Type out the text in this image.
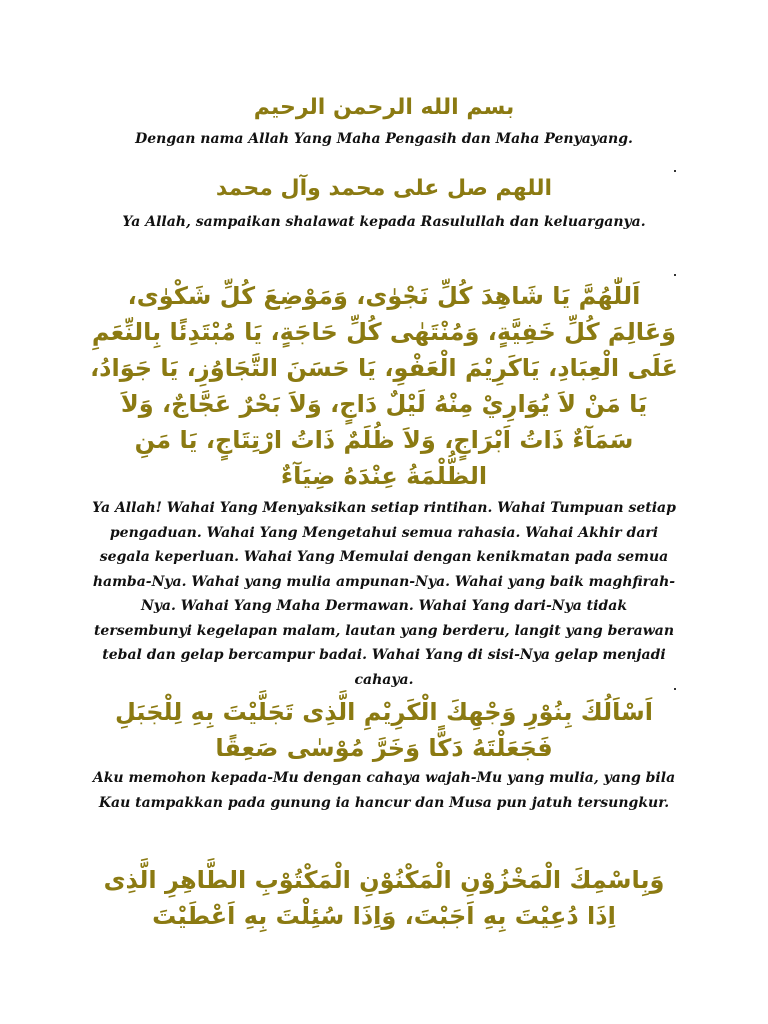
بسم الله الرحمن الرحيم

Dengan nama Allah Yang Maha Pengasih dan Maha Penyayang.

اللهم صل على محمد وآل محمد

Ya Allah, sampaikan shalawat kepada Rasulullah dan keluarganya.

اَللّٰهُمَّ يَا شَاهِدَ كُلِّ نَجْوٰى، وَمَوْضِعَ كُلِّ شَكْوٰى، وَعَالِمَ كُلِّ خَفِيَّةٍ، وَمُنْتَهٰى كُلِّ حَاجَةٍ، يَا مُبْتَدِئًا بِالنِّعَمِ عَلَى الْعِبَادِ، يَاكَرِيْمَ الْعَفْوِ، يَا حَسَنَ التَّجَاوُزِ، يَا جَوَادُ، يَا مَنْ لاَ يُوَارِيْ مِنْهُ لَيْلٌ دَاجٍ، وَلاَ بَحْرٌ عَجَّاجٌ، وَلاَ سَمَآءٌ ذَاتُ اَبْرَاجٍ، وَلاَ ظُلَمٌ ذَاتُ ارْتِتَاجٍ، يَا مَنِ الظُّلْمَةُ عِنْدَهُ ضِيَآءٌ

Ya Allah! Wahai Yang Menyaksikan setiap rintihan. Wahai Tumpuan setiap pengaduan. Wahai Yang Mengetahui semua rahasia. Wahai Akhir dari segala keperluan. Wahai Yang Memulai dengan kenikmatan pada semua hamba-Nya. Wahai yang mulia ampunan-Nya. Wahai yang baik maghfirah-Nya. Wahai Yang Maha Dermawan. Wahai Yang dari-Nya tidak tersembunyi kegelapan malam, lautan yang berderu, langit yang berawan tebal dan gelap bercampur badai. Wahai Yang di sisi-Nya gelap menjadi cahaya.

اَسْاَلُكَ بِنُوْرِ وَجْهِكَ الْكَرِيْمِ الَّذِى تَجَلَّيْتَ بِهِ لِلْجَبَلِ فَجَعَلْتَهُ دَكًّا وَخَرَّ مُوْسٰى صَعِقًا

Aku memohon kepada-Mu dengan cahaya wajah-Mu yang mulia, yang bila Kau tampakkan pada gunung ia hancur dan Musa pun jatuh tersungkur.

وَبِاسْمِكَ الْمَخْزُوْنِ الْمَكْنُوْنِ الْمَكْتُوْبِ الطَّاهِرِ الَّذِى اِذَا دُعِيْتَ بِهِ اَجَبْتَ، وَاِذَا سُئِلْتَ بِهِ اَعْطَيْتَ
